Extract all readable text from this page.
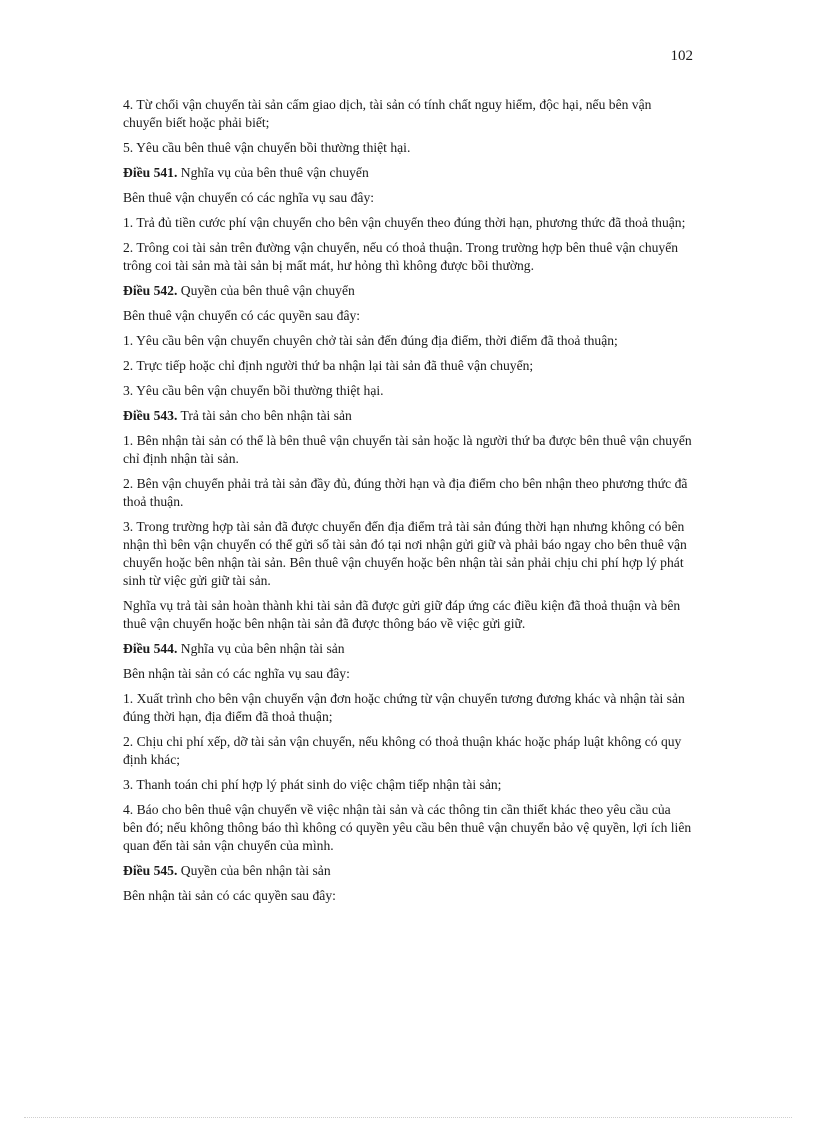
102

4. Từ chối vận chuyển tài sản cấm giao dịch, tài sản có tính chất nguy hiểm, độc hại, nếu bên vận chuyển biết hoặc phải biết;

5. Yêu cầu bên thuê vận chuyển bồi thường thiệt hại.

Điều 541. Nghĩa vụ của bên thuê vận chuyển

Bên thuê vận chuyển có các nghĩa vụ sau đây:

1. Trả đủ tiền cước phí vận chuyển cho bên vận chuyển theo đúng thời hạn, phương thức đã thoả thuận;

2. Trông coi tài sản trên đường vận chuyển, nếu có thoả thuận. Trong trường hợp bên thuê vận chuyển trông coi tài sản mà tài sản bị mất mát, hư hỏng thì không được bồi thường.

Điều 542. Quyền của bên thuê vận chuyển

Bên thuê vận chuyển có các quyền sau đây:

1. Yêu cầu bên vận chuyển chuyên chở tài sản đến đúng địa điểm, thời điểm đã thoả thuận;

2. Trực tiếp hoặc chỉ định người thứ ba nhận lại tài sản đã thuê vận chuyển;

3. Yêu cầu bên vận chuyển bồi thường thiệt hại.

Điều 543. Trả tài sản cho bên nhận tài sản

1. Bên nhận tài sản có thể là bên thuê vận chuyển tài sản hoặc là người thứ ba được bên thuê vận chuyển chỉ định nhận tài sản.

2. Bên vận chuyển phải trả tài sản đầy đủ, đúng thời hạn và địa điểm cho bên nhận theo phương thức đã thoả thuận.

3. Trong trường hợp tài sản đã được chuyển đến địa điểm trả tài sản đúng thời hạn nhưng không có bên nhận thì bên vận chuyển có thể gửi số tài sản đó tại nơi nhận gửi giữ và phải báo ngay cho bên thuê vận chuyển hoặc bên nhận tài sản. Bên thuê vận chuyển hoặc bên nhận tài sản phải chịu chi phí hợp lý phát sinh từ việc gửi giữ tài sản.

Nghĩa vụ trả tài sản hoàn thành khi tài sản đã được gửi giữ đáp ứng các điều kiện đã thoả thuận và bên thuê vận chuyển hoặc bên nhận tài sản đã được thông báo về việc gửi giữ.

Điều 544. Nghĩa vụ của bên nhận tài sản

Bên nhận tài sản có các nghĩa vụ sau đây:

1. Xuất trình cho bên vận chuyển vận đơn hoặc chứng từ vận chuyển tương đương khác và nhận tài sản đúng thời hạn, địa điểm đã thoả thuận;

2. Chịu chi phí xếp, dỡ tài sản vận chuyển, nếu không có thoả thuận khác hoặc pháp luật không có quy định khác;

3. Thanh toán chi phí hợp lý phát sinh do việc chậm tiếp nhận tài sản;

4. Báo cho bên thuê vận chuyển về việc nhận tài sản và các thông tin cần thiết khác theo yêu cầu của bên đó; nếu không thông báo thì không có quyền yêu cầu bên thuê vận chuyển bảo vệ quyền, lợi ích liên quan đến tài sản vận chuyển của mình.

Điều 545. Quyền của bên nhận tài sản

Bên nhận tài sản có các quyền sau đây:
